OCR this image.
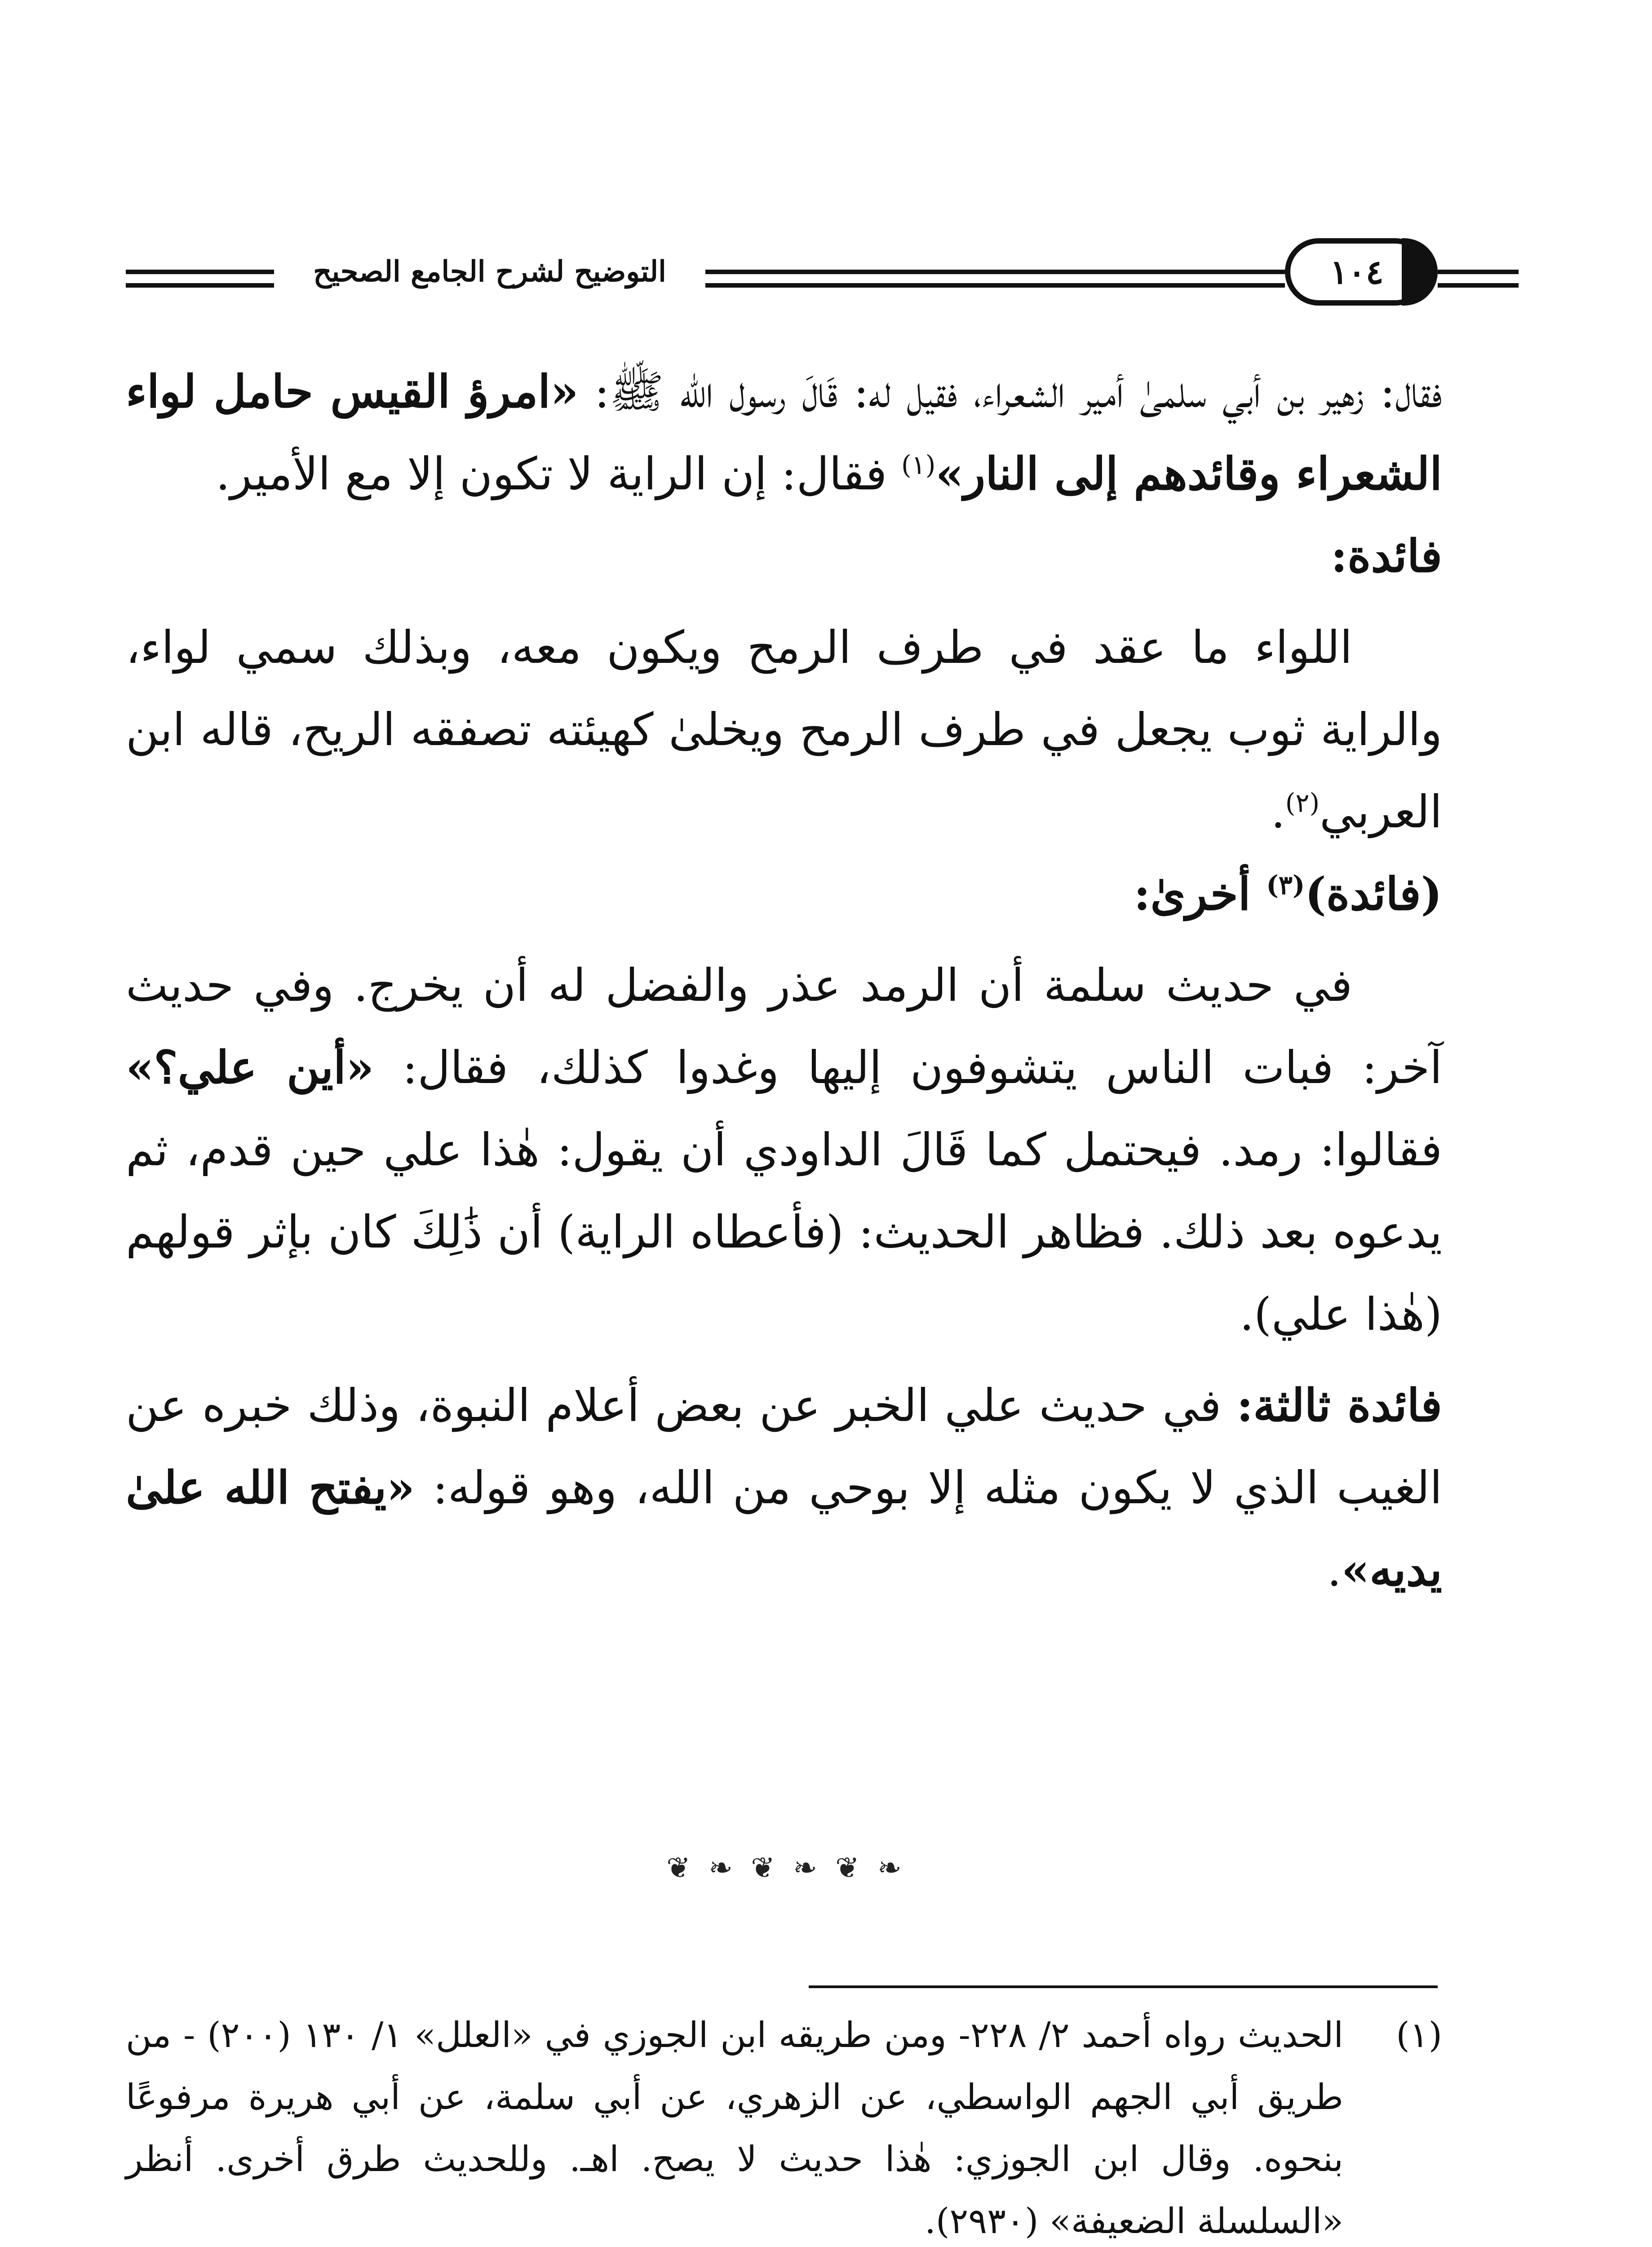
التوضيح لشرح الجامع الصحيح	١٠٤

فقال: زهير بن أبي سلمىٰ أمير الشعراء، فقيل له: قَالَ رسول الله ﷺ: «امرؤ القيس حامل لواء الشعراء وقائدهم إلى النار»$^{(١)}$ فقال: إن الراية لا تكون إلا مع الأمير.

فائدة:

اللواء ما عقد في طرف الرمح ويكون معه، وبذلك سمي لواء، والراية ثوب يجعل في طرف الرمح ويخلىٰ كهيئته تصفقه الريح، قاله ابن العربي$^{(٢)}$.

(فائدة)$^{(٣)}$ أخرىٰ:

في حديث سلمة أن الرمد عذر والفضل له أن يخرج. وفي حديث آخر: فبات الناس يتشوفون إليها وغدوا كذلك، فقال: «أين علي؟» فقالوا: رمد. فيحتمل كما قَالَ الداودي أن يقول: هٰذا علي حين قدم، ثم يدعوه بعد ذلك. فظاهر الحديث: (فأعطاه الراية) أن ذَٰلِكَ كان بإثر قولهم (هٰذا علي).

فائدة ثالثة: في حديث علي الخبر عن بعض أعلام النبوة، وذلك خبره عن الغيب الذي لا يكون مثله إلا بوحي من الله، وهو قوله: «يفتح الله علىٰ يديه».

❦ ❧ ❦ ❧ ❦ ❧
(١)
الحديث رواه أحمد ٢/ ٢٢٨- ومن طريقه ابن الجوزي في «العلل» ١/ ١٣٠ (٢٠٠) - من طريق أبي الجهم الواسطي، عن الزهري، عن أبي سلمة، عن أبي هريرة مرفوعًا بنحوه. وقال ابن الجوزي: هٰذا حديث لا يصح. اهـ. وللحديث طرق أخرى. أنظر «السلسلة الضعيفة» (٢٩٣٠).
